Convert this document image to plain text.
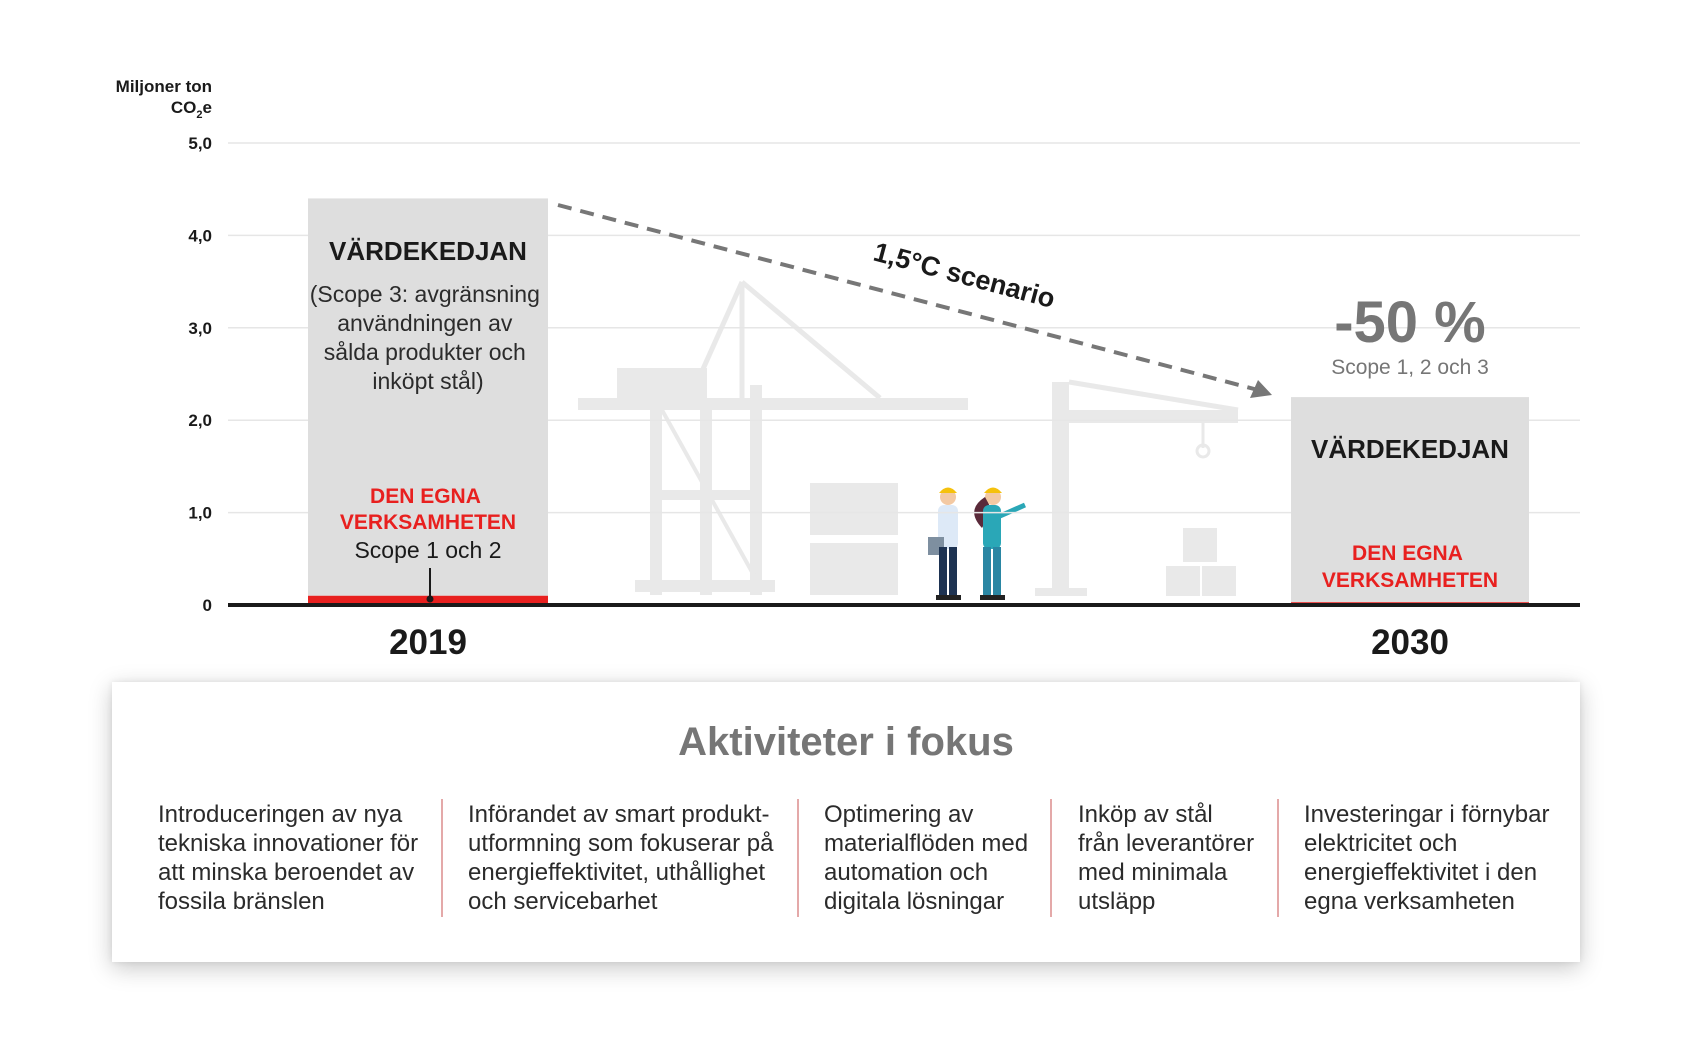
0
1,0
2,0
3,0
4,0
5,0
Miljoner ton
$CO_2e$
VÄRDEKEDJAN
(Scope 3: avgränsning användningen av sålda produkter och inköpt stål)
DEN EGNA VERKSAMHETEN
Scope 1 och 2
VÄRDEKEDJAN
DEN EGNA VERKSAMHETEN
2019	2030
1,5°C scenario
-50 %
Scope 1, 2 och 3
Aktiviteter i fokus
Introduceringen av nya
tekniska innovationer för
att minska beroendet av
fossila bränslen
Införandet av smart produkt-
utformning som fokuserar på
energieffektivitet, uthållighet
och servicebarhet
Optimering av
materialflöden med
automation och
digitala lösningar
Inköp av stål
från leverantörer
med minimala
utsläpp
Investeringar i förnybar
elektricitet och
energieffektivitet i den
egna verksamheten
